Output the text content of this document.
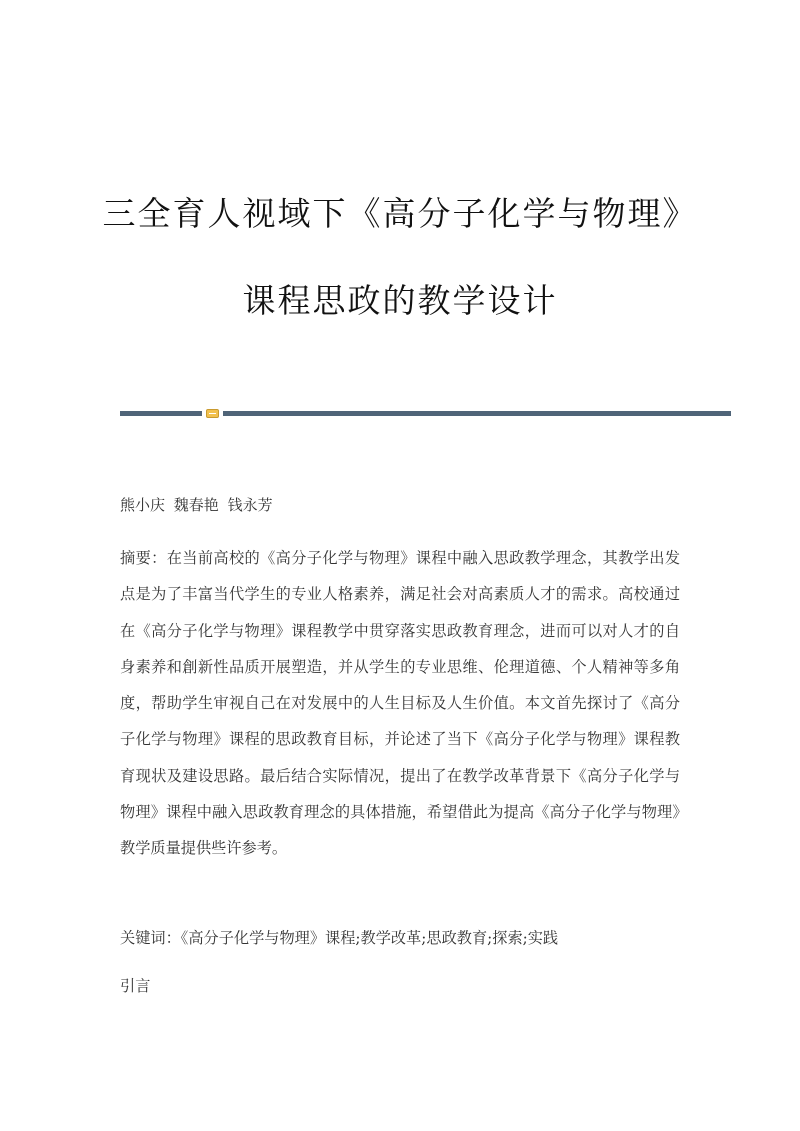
三全育人视域下《高分子化学与物理》
课程思政的教学设计
熊小庆 魏春艳 钱永芳

摘要：在当前高校的《高分子化学与物理》课程中融入思政教学理念，其教学出发点是为了丰富当代学生的专业人格素养，满足社会对高素质人才的需求。高校通过在《高分子化学与物理》课程教学中贯穿落实思政教育理念，进而可以对人才的自身素养和創新性品质开展塑造，并从学生的专业思维、伦理道德、个人精神等多角度，帮助学生审视自己在对发展中的人生目标及人生价值。本文首先探讨了《高分子化学与物理》课程的思政教育目标，并论述了当下《高分子化学与物理》课程教育现状及建设思路。最后结合实际情况，提出了在教学改革背景下《高分子化学与物理》课程中融入思政教育理念的具体措施，希望借此为提高《高分子化学与物理》教学质量提供些许参考。

关键词：《高分子化学与物理》课程;教学改革;思政教育;探索;实践
引言
